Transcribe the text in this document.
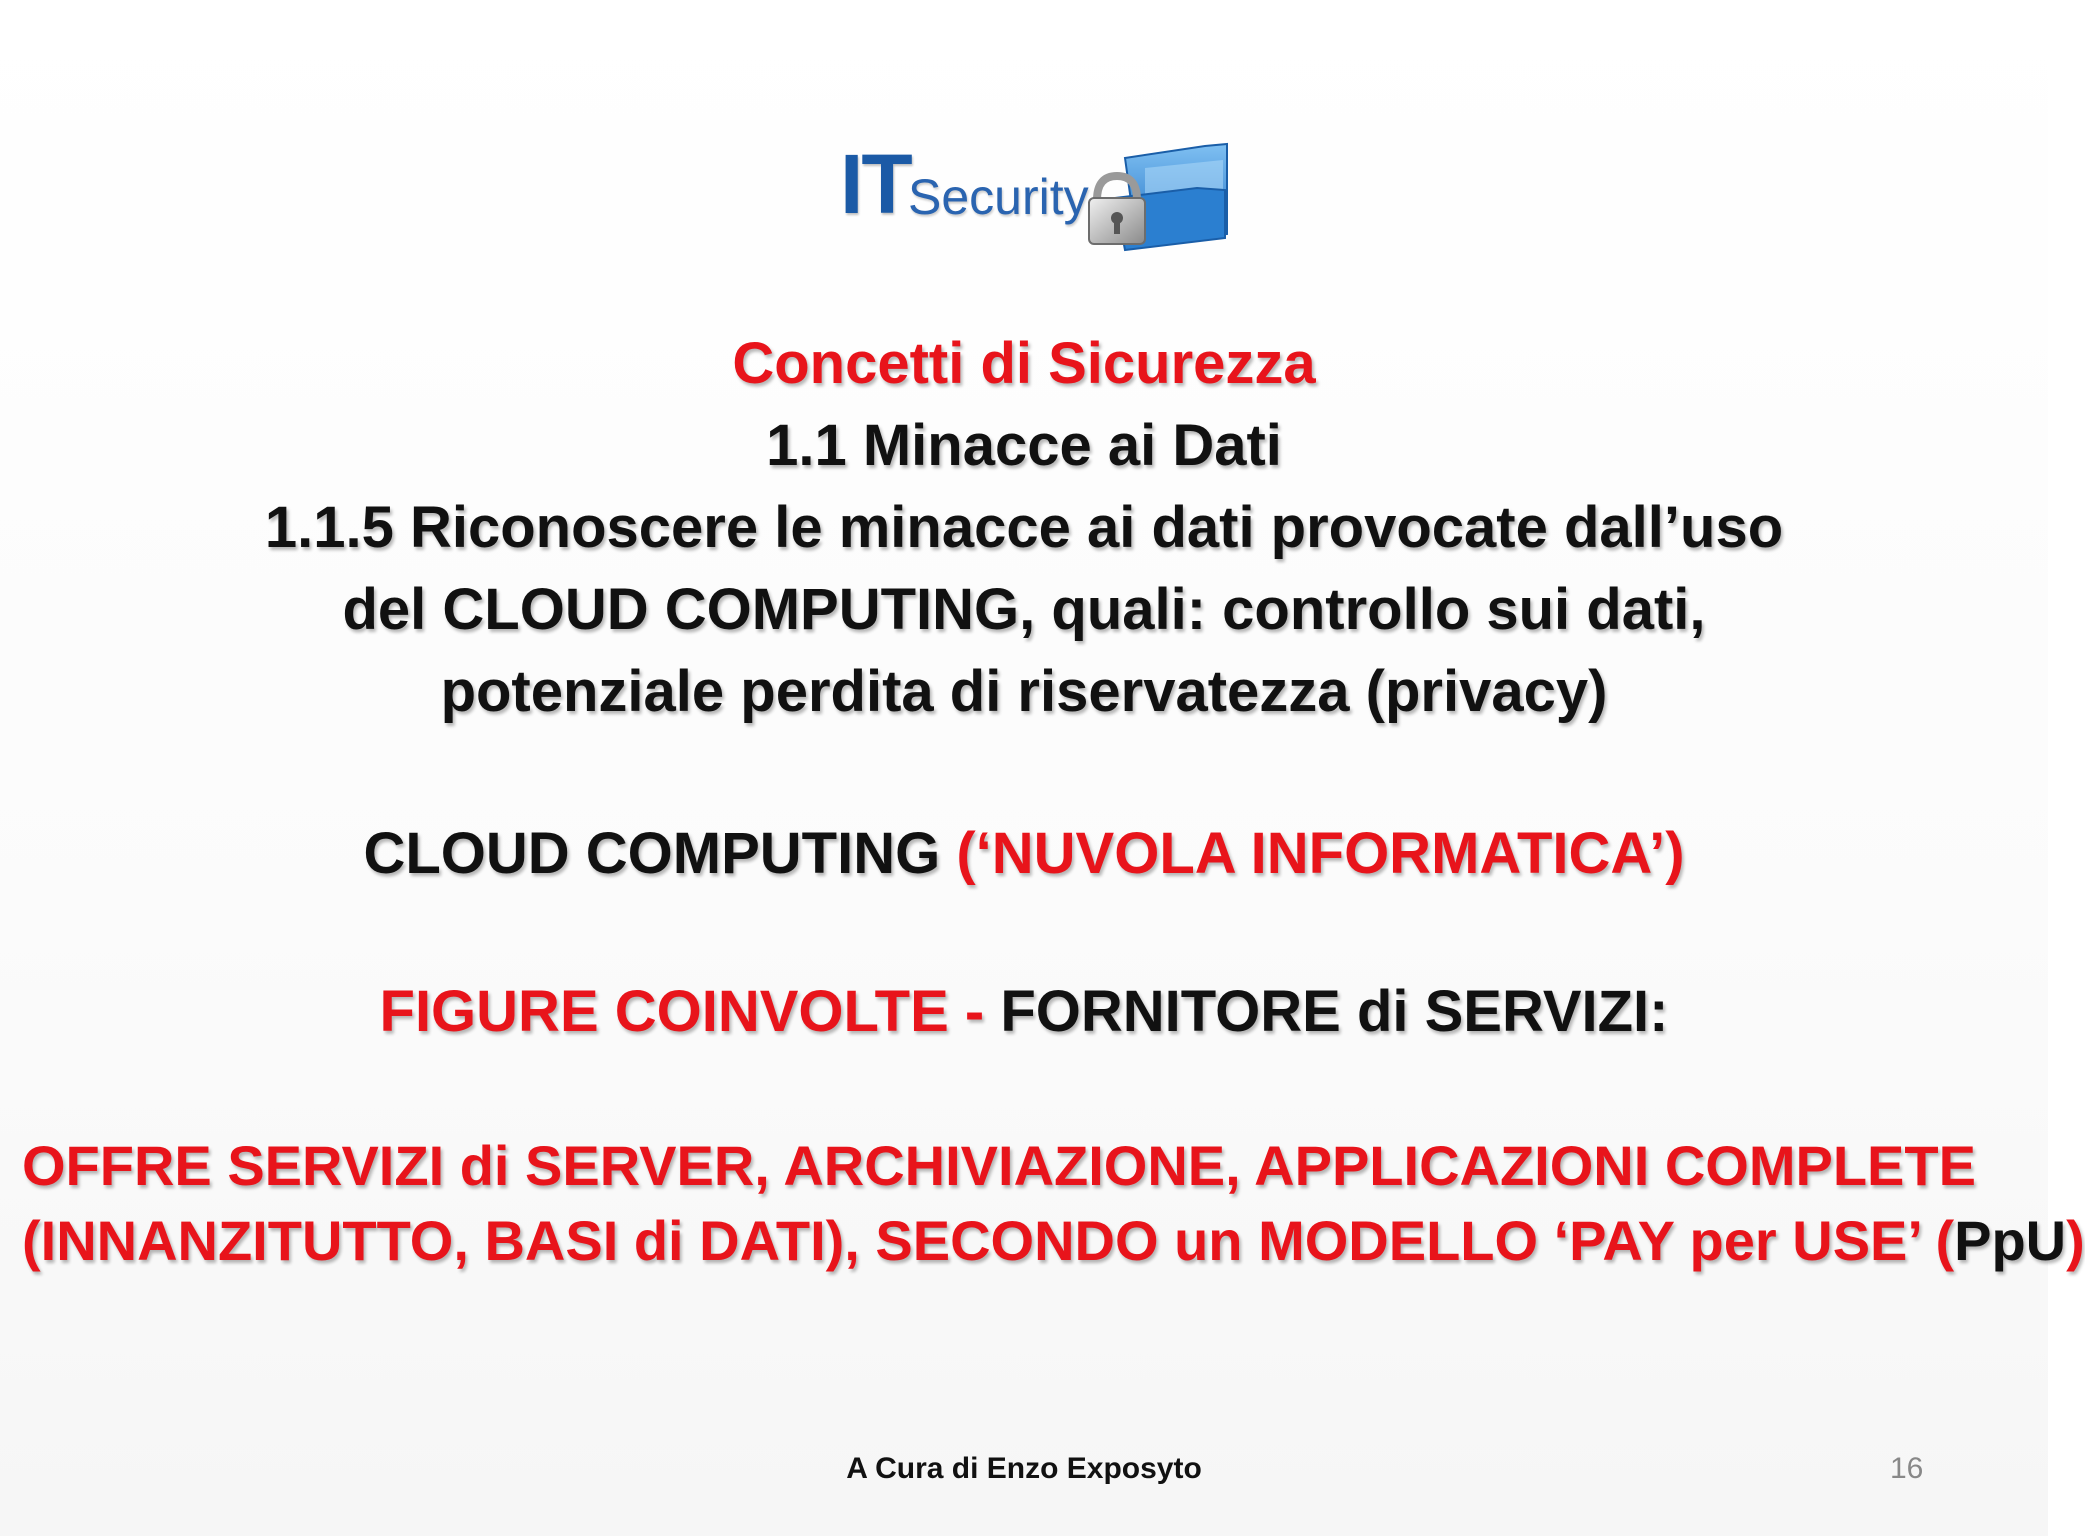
IT
Security
Concetti di Sicurezza
1.1 Minacce ai Dati
1.1.5 Riconoscere le minacce ai dati provocate dall’uso
del CLOUD COMPUTING, quali: controllo sui dati,
potenziale perdita di riservatezza (privacy)
CLOUD COMPUTING (‘NUVOLA INFORMATICA’)
FIGURE COINVOLTE - FORNITORE di SERVIZI:
OFFRE SERVIZI di SERVER, ARCHIVIAZIONE, APPLICAZIONI COMPLETE
(INNANZITUTTO, BASI di DATI), SECONDO un MODELLO ‘PAY per USE’ (PpU)
A Cura di Enzo Exposyto	16
